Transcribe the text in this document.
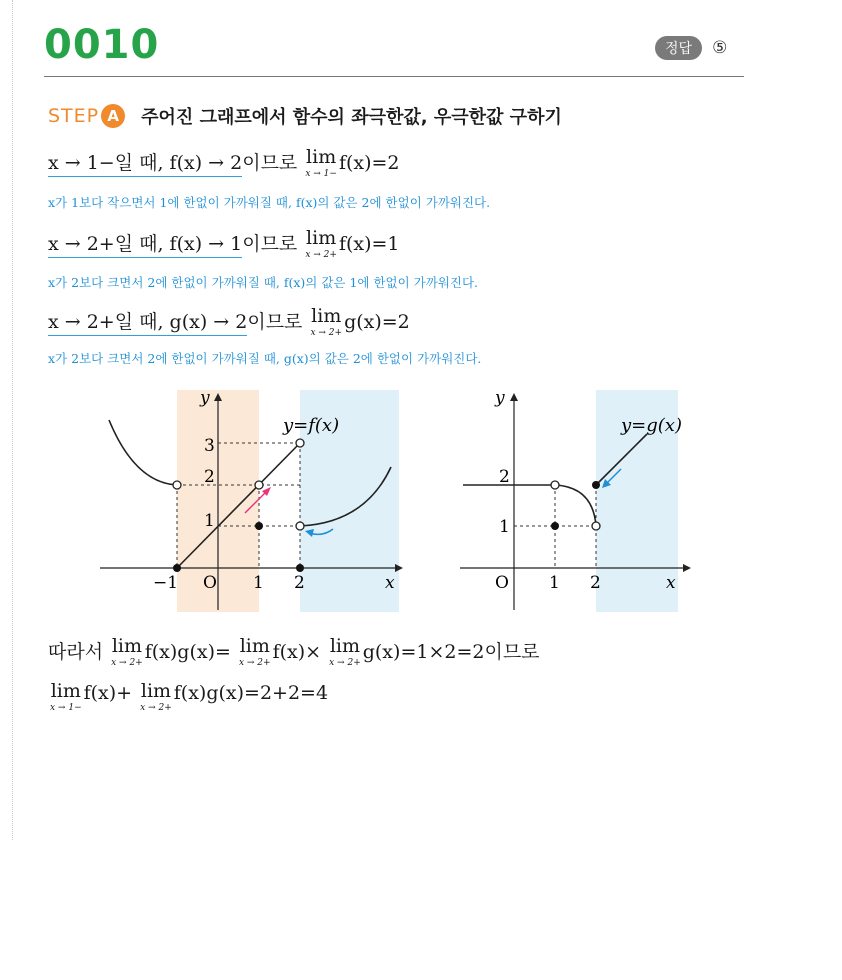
0010	정답	⑤
STEP A	주어진 그래프에서 함수의 좌극한값, 우극한값 구하기
x → 1−일 때, f(x) → 2이므로 lim
x → 1− f(x)=2
x가 1보다 작으면서 1에 한없이 가까워질 때, f(x)의 값은 2에 한없이 가까워진다.
x → 2+일 때, f(x) → 1이므로 lim
x → 2+ f(x)=1
x가 2보다 크면서 2에 한없이 가까워질 때, f(x)의 값은 1에 한없이 가까워진다.
x → 2+일 때, g(x) → 2이므로 lim
x → 2+ g(x)=2
x가 2보다 크면서 2에 한없이 가까워질 때, g(x)의 값은 2에 한없이 가까워진다.
y
x
O
−1	1 2
1
2
3
y=f(x)
y
x
O 1 2
1
2
y=g(x)
따라서 lim
x → 2+ f(x)g(x)= lim
x → 2+ f(x)× lim
x → 2+ g(x)=1×2=2이므로
lim
x → 1−
f(x)+ lim
x → 2+
f(x)g(x)=2+2=4
